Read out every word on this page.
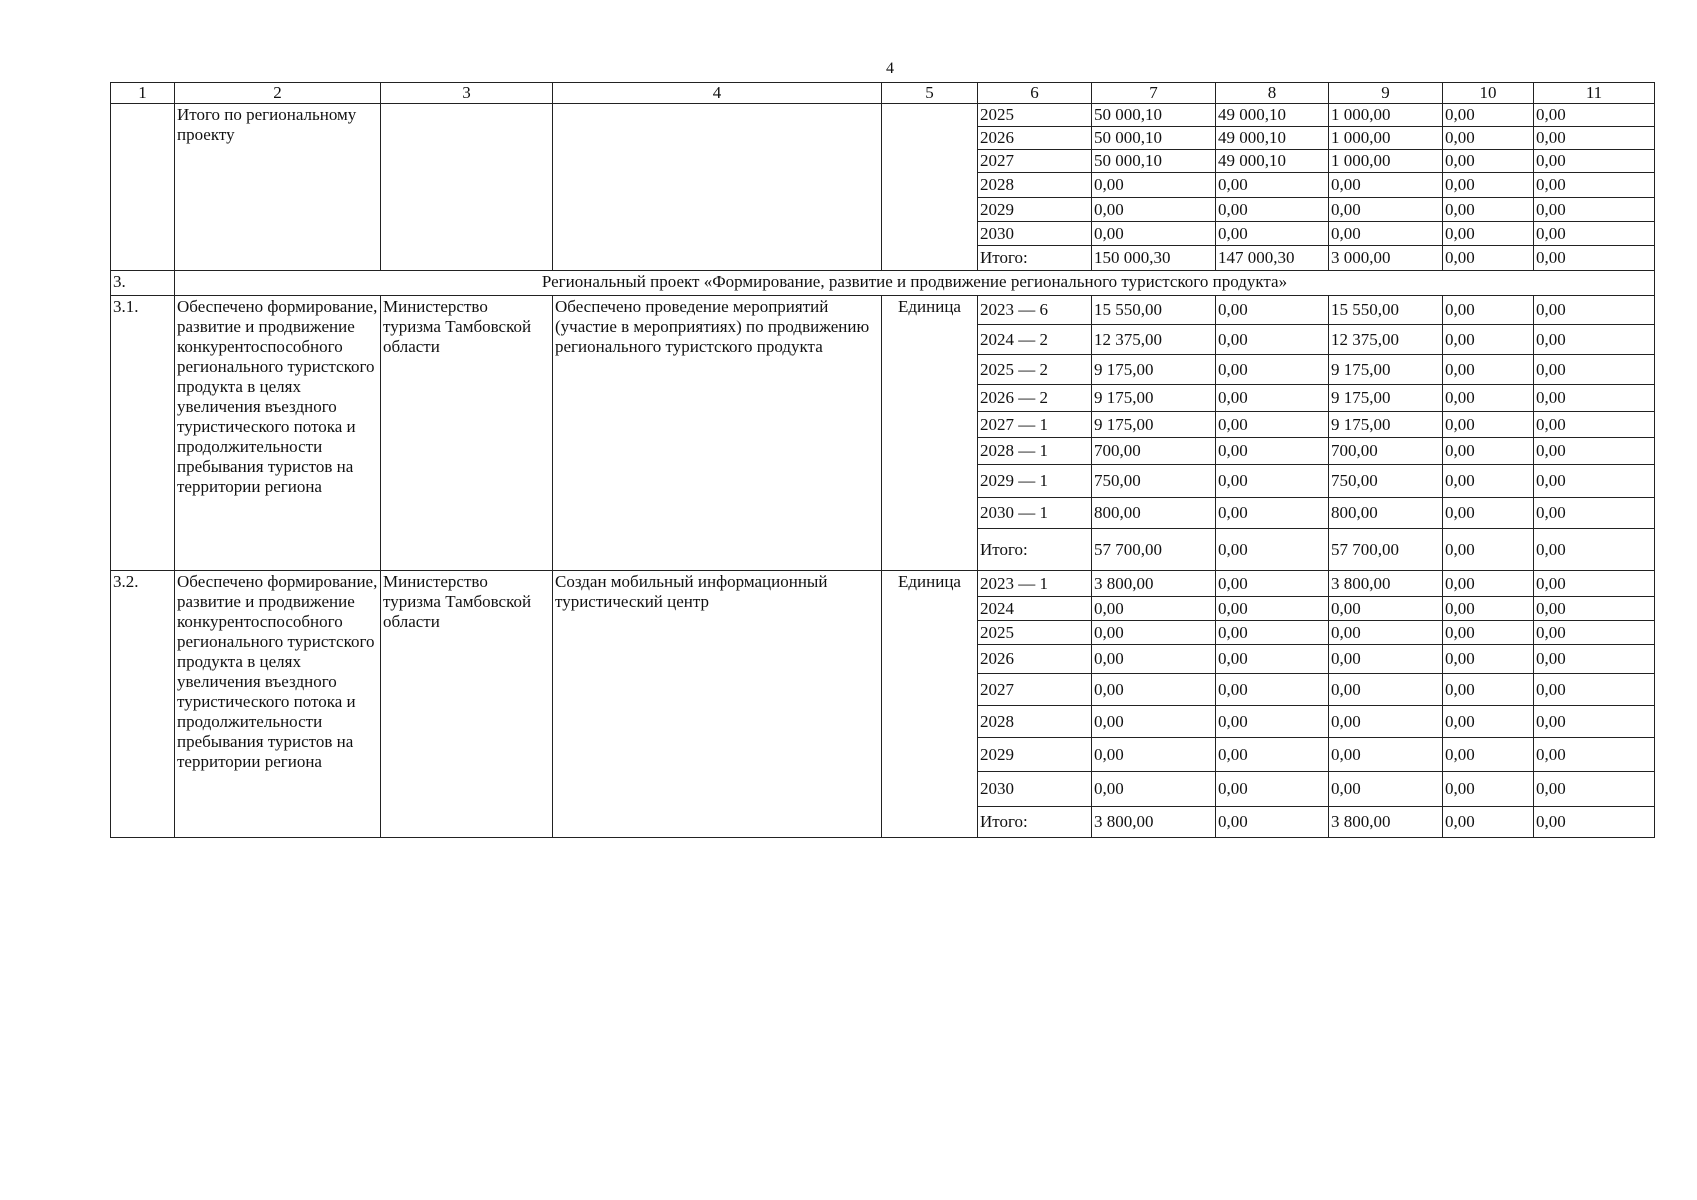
4
1	2	3	4	5	6	7	8	9	10	11
	Итого по региональному проекту				2025	50 000,10	49 000,10	1 000,00	0,00	0,00
					2026	50 000,10	49 000,10	1 000,00	0,00	0,00
					2027	50 000,10	49 000,10	1 000,00	0,00	0,00
					2028	0,00	0,00	0,00	0,00	0,00
					2029	0,00	0,00	0,00	0,00	0,00
					2030	0,00	0,00	0,00	0,00	0,00
					Итого:	150 000,30	147 000,30	3 000,00	0,00	0,00
3.	Региональный проект «Формирование, развитие и продвижение регионального туристского продукта»									
3.1.	Обеспечено формирование, развитие и продвижение конкурентоспособного регионального туристского продукта в целях увеличения въездного туристического потока и продолжительности пребывания туристов на территории региона	Министерство туризма Тамбовской области	Обеспечено проведение мероприятий (участие в мероприятиях) по продвижению регионального туристского продукта	Единица	2023 — 6	15 550,00	0,00	15 550,00	0,00	0,00
					2024 — 2	12 375,00	0,00	12 375,00	0,00	0,00
					2025 — 2	9 175,00	0,00	9 175,00	0,00	0,00
					2026 — 2	9 175,00	0,00	9 175,00	0,00	0,00
					2027 — 1	9 175,00	0,00	9 175,00	0,00	0,00
					2028 — 1	700,00	0,00	700,00	0,00	0,00
					2029 — 1	750,00	0,00	750,00	0,00	0,00
					2030 — 1	800,00	0,00	800,00	0,00	0,00
					Итого:	57 700,00	0,00	57 700,00	0,00	0,00
3.2.	Обеспечено формирование, развитие и продвижение конкурентоспособного регионального туристского продукта в целях увеличения въездного туристического потока и продолжительности пребывания туристов на территории региона	Министерство туризма Тамбовской области	Создан мобильный информационный туристический центр	Единица	2023 — 1	3 800,00	0,00	3 800,00	0,00	0,00
					2024	0,00	0,00	0,00	0,00	0,00
					2025	0,00	0,00	0,00	0,00	0,00
					2026	0,00	0,00	0,00	0,00	0,00
					2027	0,00	0,00	0,00	0,00	0,00
					2028	0,00	0,00	0,00	0,00	0,00
					2029	0,00	0,00	0,00	0,00	0,00
					2030	0,00	0,00	0,00	0,00	0,00
					Итого:	3 800,00	0,00	3 800,00	0,00	0,00
